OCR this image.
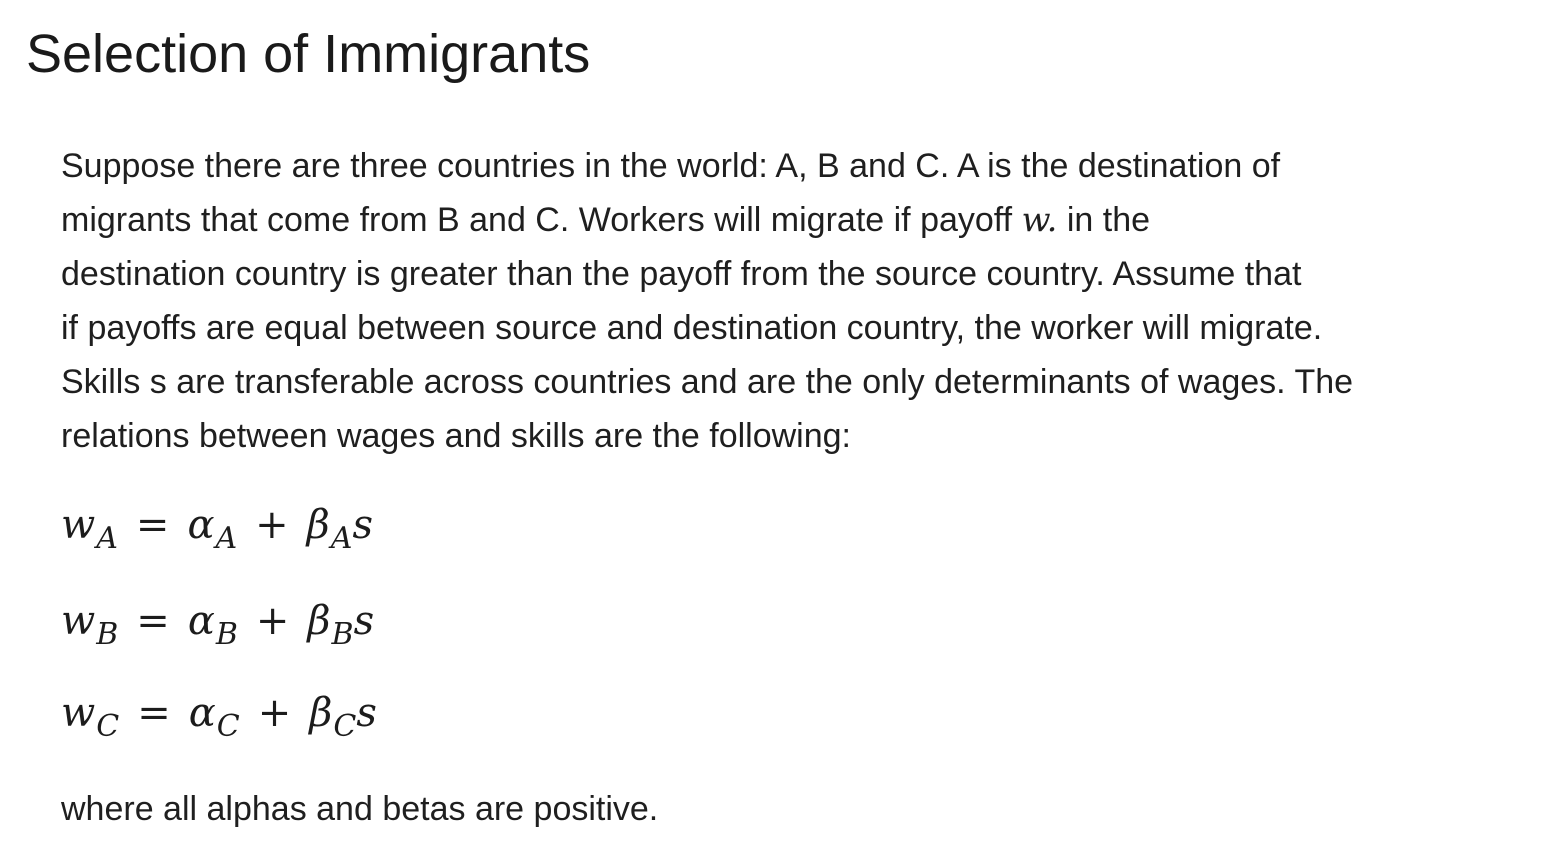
Selection of Immigrants
Suppose there are three countries in the world: A, B and C. A is the destination of
migrants that come from B and C. Workers will migrate if payoff w. in the
destination country is greater than the payoff from the source country. Assume that
if payoffs are equal between source and destination country, the worker will migrate.
Skills s are transferable across countries and are the only determinants of wages. The
relations between wages and skills are the following:
$w_A = \alpha_A + \beta_As$
$w_B = \alpha_B + \beta_Bs$
$w_C = \alpha_C + \beta_Cs$

where all alphas and betas are positive.
